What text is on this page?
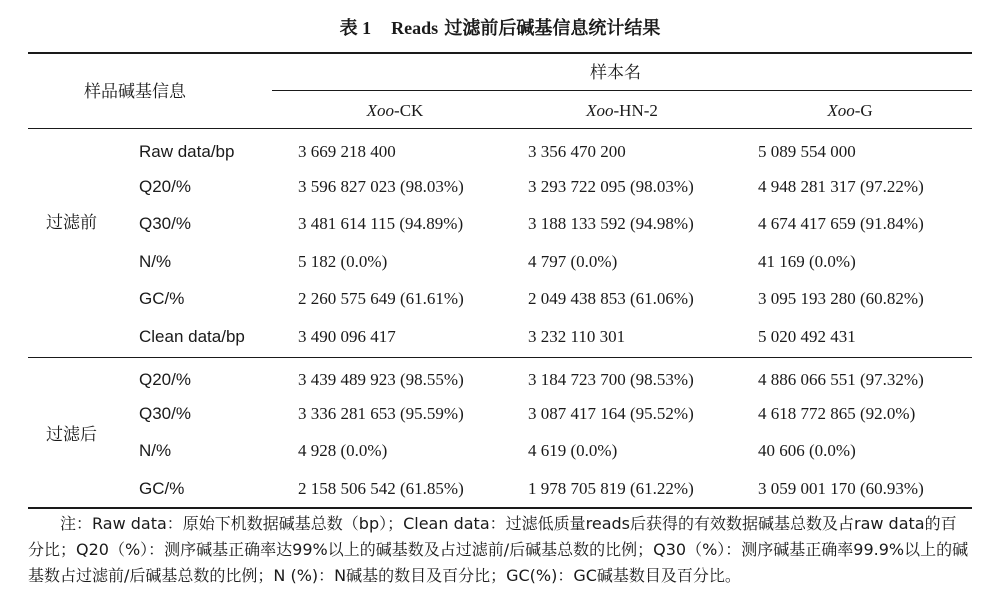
表 1 Reads 过滤前后碱基信息统计结果
样品碱基信息
样本名
Xoo-CK	Xoo-HN-2	Xoo-G
过滤前
Raw data/bp	3 669 218 400	3 356 470 200	5 089 554 000
Q20/%	3 596 827 023 (98.03%)	3 293 722 095 (98.03%)	4 948 281 317 (97.22%)
Q30/%	3 481 614 115 (94.89%)	3 188 133 592 (94.98%)	4 674 417 659 (91.84%)
N/%	5 182 (0.0%)	4 797 (0.0%)	41 169 (0.0%)
GC/%	2 260 575 649 (61.61%)	2 049 438 853 (61.06%)	3 095 193 280 (60.82%)
Clean data/bp	3 490 096 417	3 232 110 301	5 020 492 431
过滤后
Q20/%	3 439 489 923 (98.55%)	3 184 723 700 (98.53%)	4 886 066 551 (97.32%)
Q30/%	3 336 281 653 (95.59%)	3 087 417 164 (95.52%)	4 618 772 865 (92.0%)
N/%	4 928 (0.0%)	4 619 (0.0%)	40 606 (0.0%)
GC/%	2 158 506 542 (61.85%)	1 978 705 819 (61.22%)	3 059 001 170 (60.93%)
注：Raw data：原始下机数据碱基总数（bp）；Clean data：过滤低质量reads后获得的有效数据碱基总数及占raw data的百分比；Q20（%）：测序碱基正确率达99%以上的碱基数及占过滤前/后碱基总数的比例；Q30（%）：测序碱基正确率99.9%以上的碱基数占过滤前/后碱基总数的比例；N (%)：N碱基的数目及百分比；GC(%)：GC碱基数目及百分比。
